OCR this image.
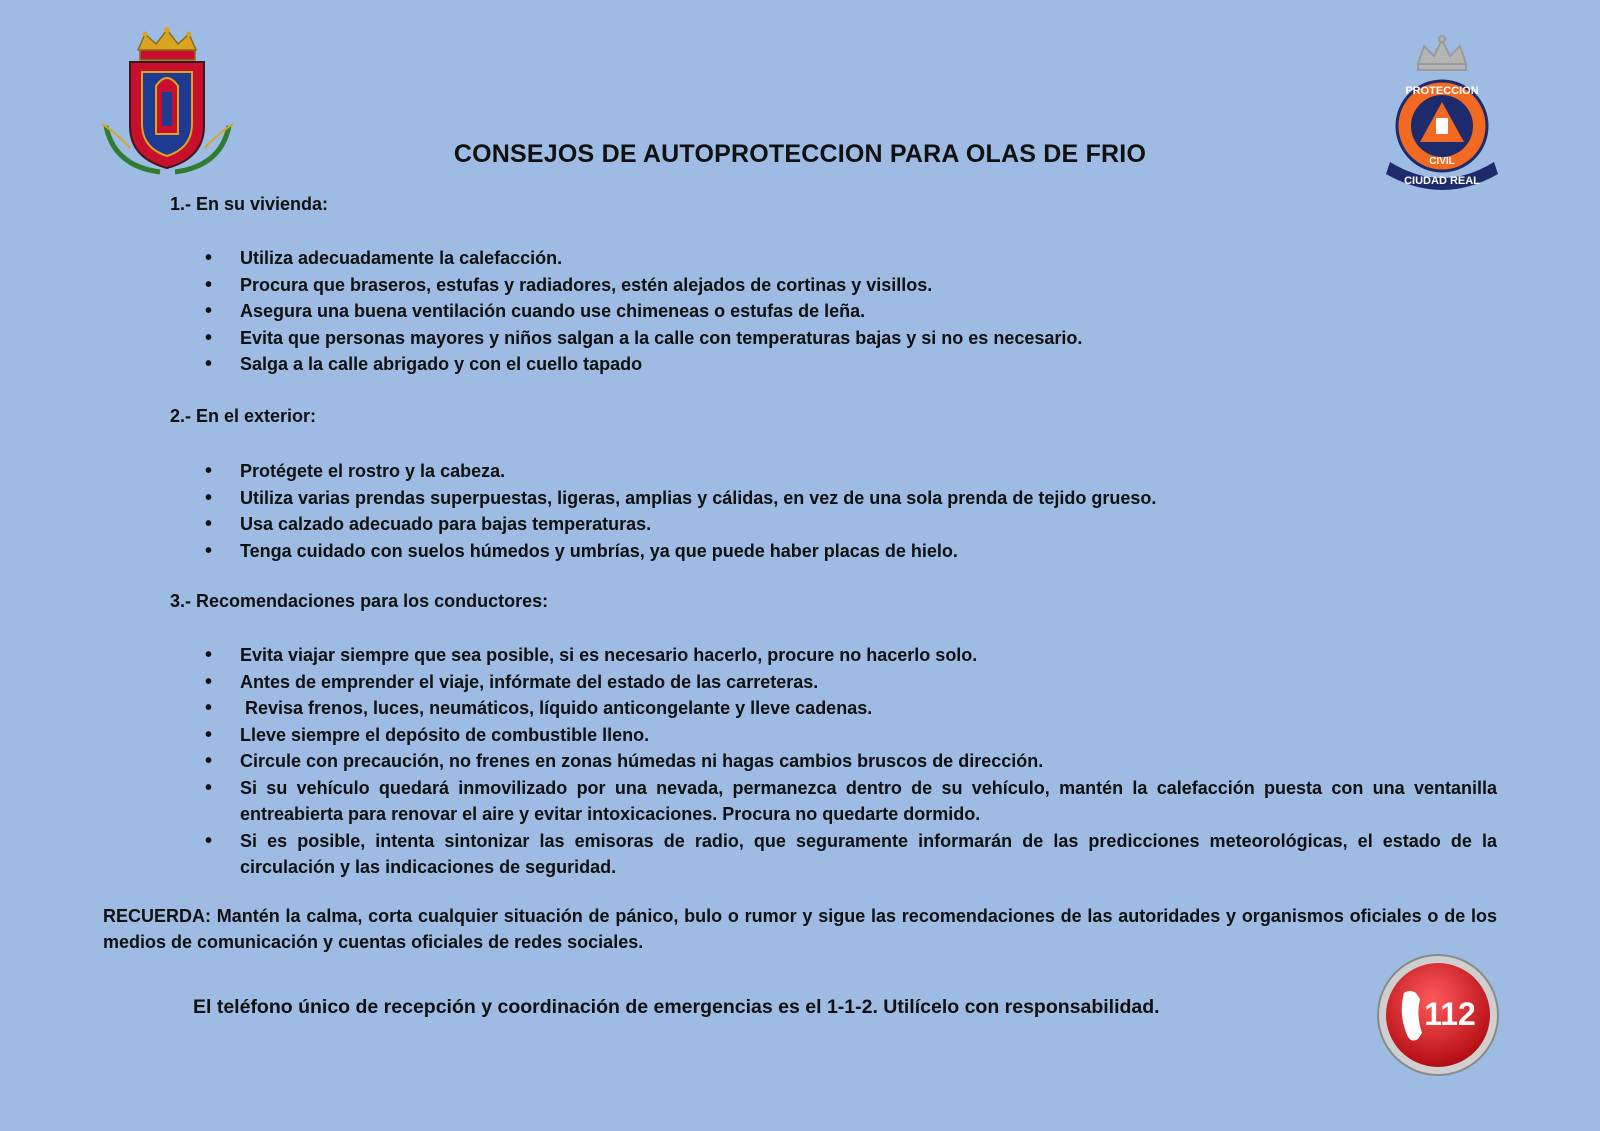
PROTECCION
CIVIL
CIUDAD REAL
CONSEJOS DE AUTOPROTECCION PARA OLAS DE FRIO

1.- En su vivienda:

• Utiliza adecuadamente la calefacción.
• Procura que braseros, estufas y radiadores, estén alejados de cortinas y visillos.
• Asegura una buena ventilación cuando use chimeneas o estufas de leña.
• Evita que personas mayores y niños salgan a la calle con temperaturas bajas y si no es necesario.
• Salga a la calle abrigado y con el cuello tapado

2.- En el exterior:

• Protégete el rostro y la cabeza.
• Utiliza varias prendas superpuestas, ligeras, amplias y cálidas, en vez de una sola prenda de tejido grueso.
• Usa calzado adecuado para bajas temperaturas.
• Tenga cuidado con suelos húmedos y umbrías, ya que puede haber placas de hielo.

3.- Recomendaciones para los conductores:

• Evita viajar siempre que sea posible, si es necesario hacerlo, procure no hacerlo solo.
• Antes de emprender el viaje, infórmate del estado de las carreteras.
•  Revisa frenos, luces, neumáticos, líquido anticongelante y lleve cadenas.
• Lleve siempre el depósito de combustible lleno.
• Circule con precaución, no frenes en zonas húmedas ni hagas cambios bruscos de dirección.
• Si su vehículo quedará inmovilizado por una nevada, permanezca dentro de su vehículo, mantén la calefacción puesta con una ventanilla entreabierta para renovar el aire y evitar intoxicaciones. Procura no quedarte dormido.
• Si es posible, intenta sintonizar las emisoras de radio, que seguramente informarán de las predicciones meteorológicas, el estado de la circulación y las indicaciones de seguridad.

RECUERDA: Mantén la calma, corta cualquier situación de pánico, bulo o rumor y sigue las recomendaciones de las autoridades y organismos oficiales o de los medios de comunicación y cuentas oficiales de redes sociales.

El teléfono único de recepción y coordinación de emergencias es el 1-1-2. Utilícelo con responsabilidad.	112
